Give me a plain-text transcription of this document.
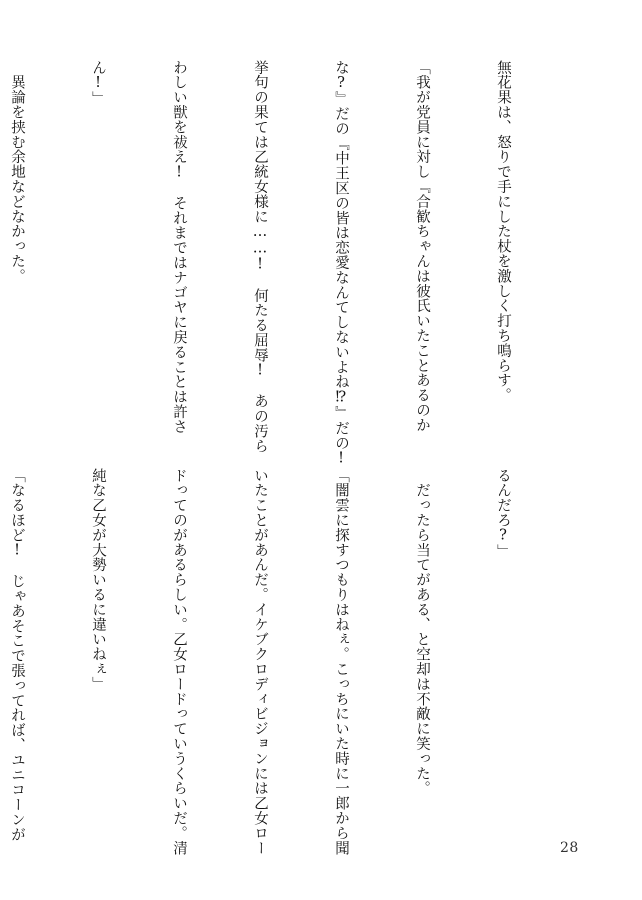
無花果は、怒りで手にした杖を激しく打ち鳴らす。

「我が党員に対し『合歓ちゃんは彼氏いたことあるのか

な?』だの『中王区の皆は恋愛なんてしないよね⁉』だの!

挙句の果ては乙統女様に……!　何たる屈辱!　あの汚ら

わしい獣を祓え!　それまではナゴヤに戻ることは許さ

ん!」

　異論を挟む余地などなかった。

るんだろ?」

　だったら当てがある、と空却は不敵に笑った。

「闇雲に探すつもりはねぇ。こっちにいた時に一郎から聞

いたことがあんだ。イケブクロディビジョンには乙女ロー

ドってのがあるらしい。乙女ロードっていうくらいだ。清

純な乙女が大勢いるに違いねぇ」

「なるほど!　じゃあそこで張ってれば、ユニコーンが

28
